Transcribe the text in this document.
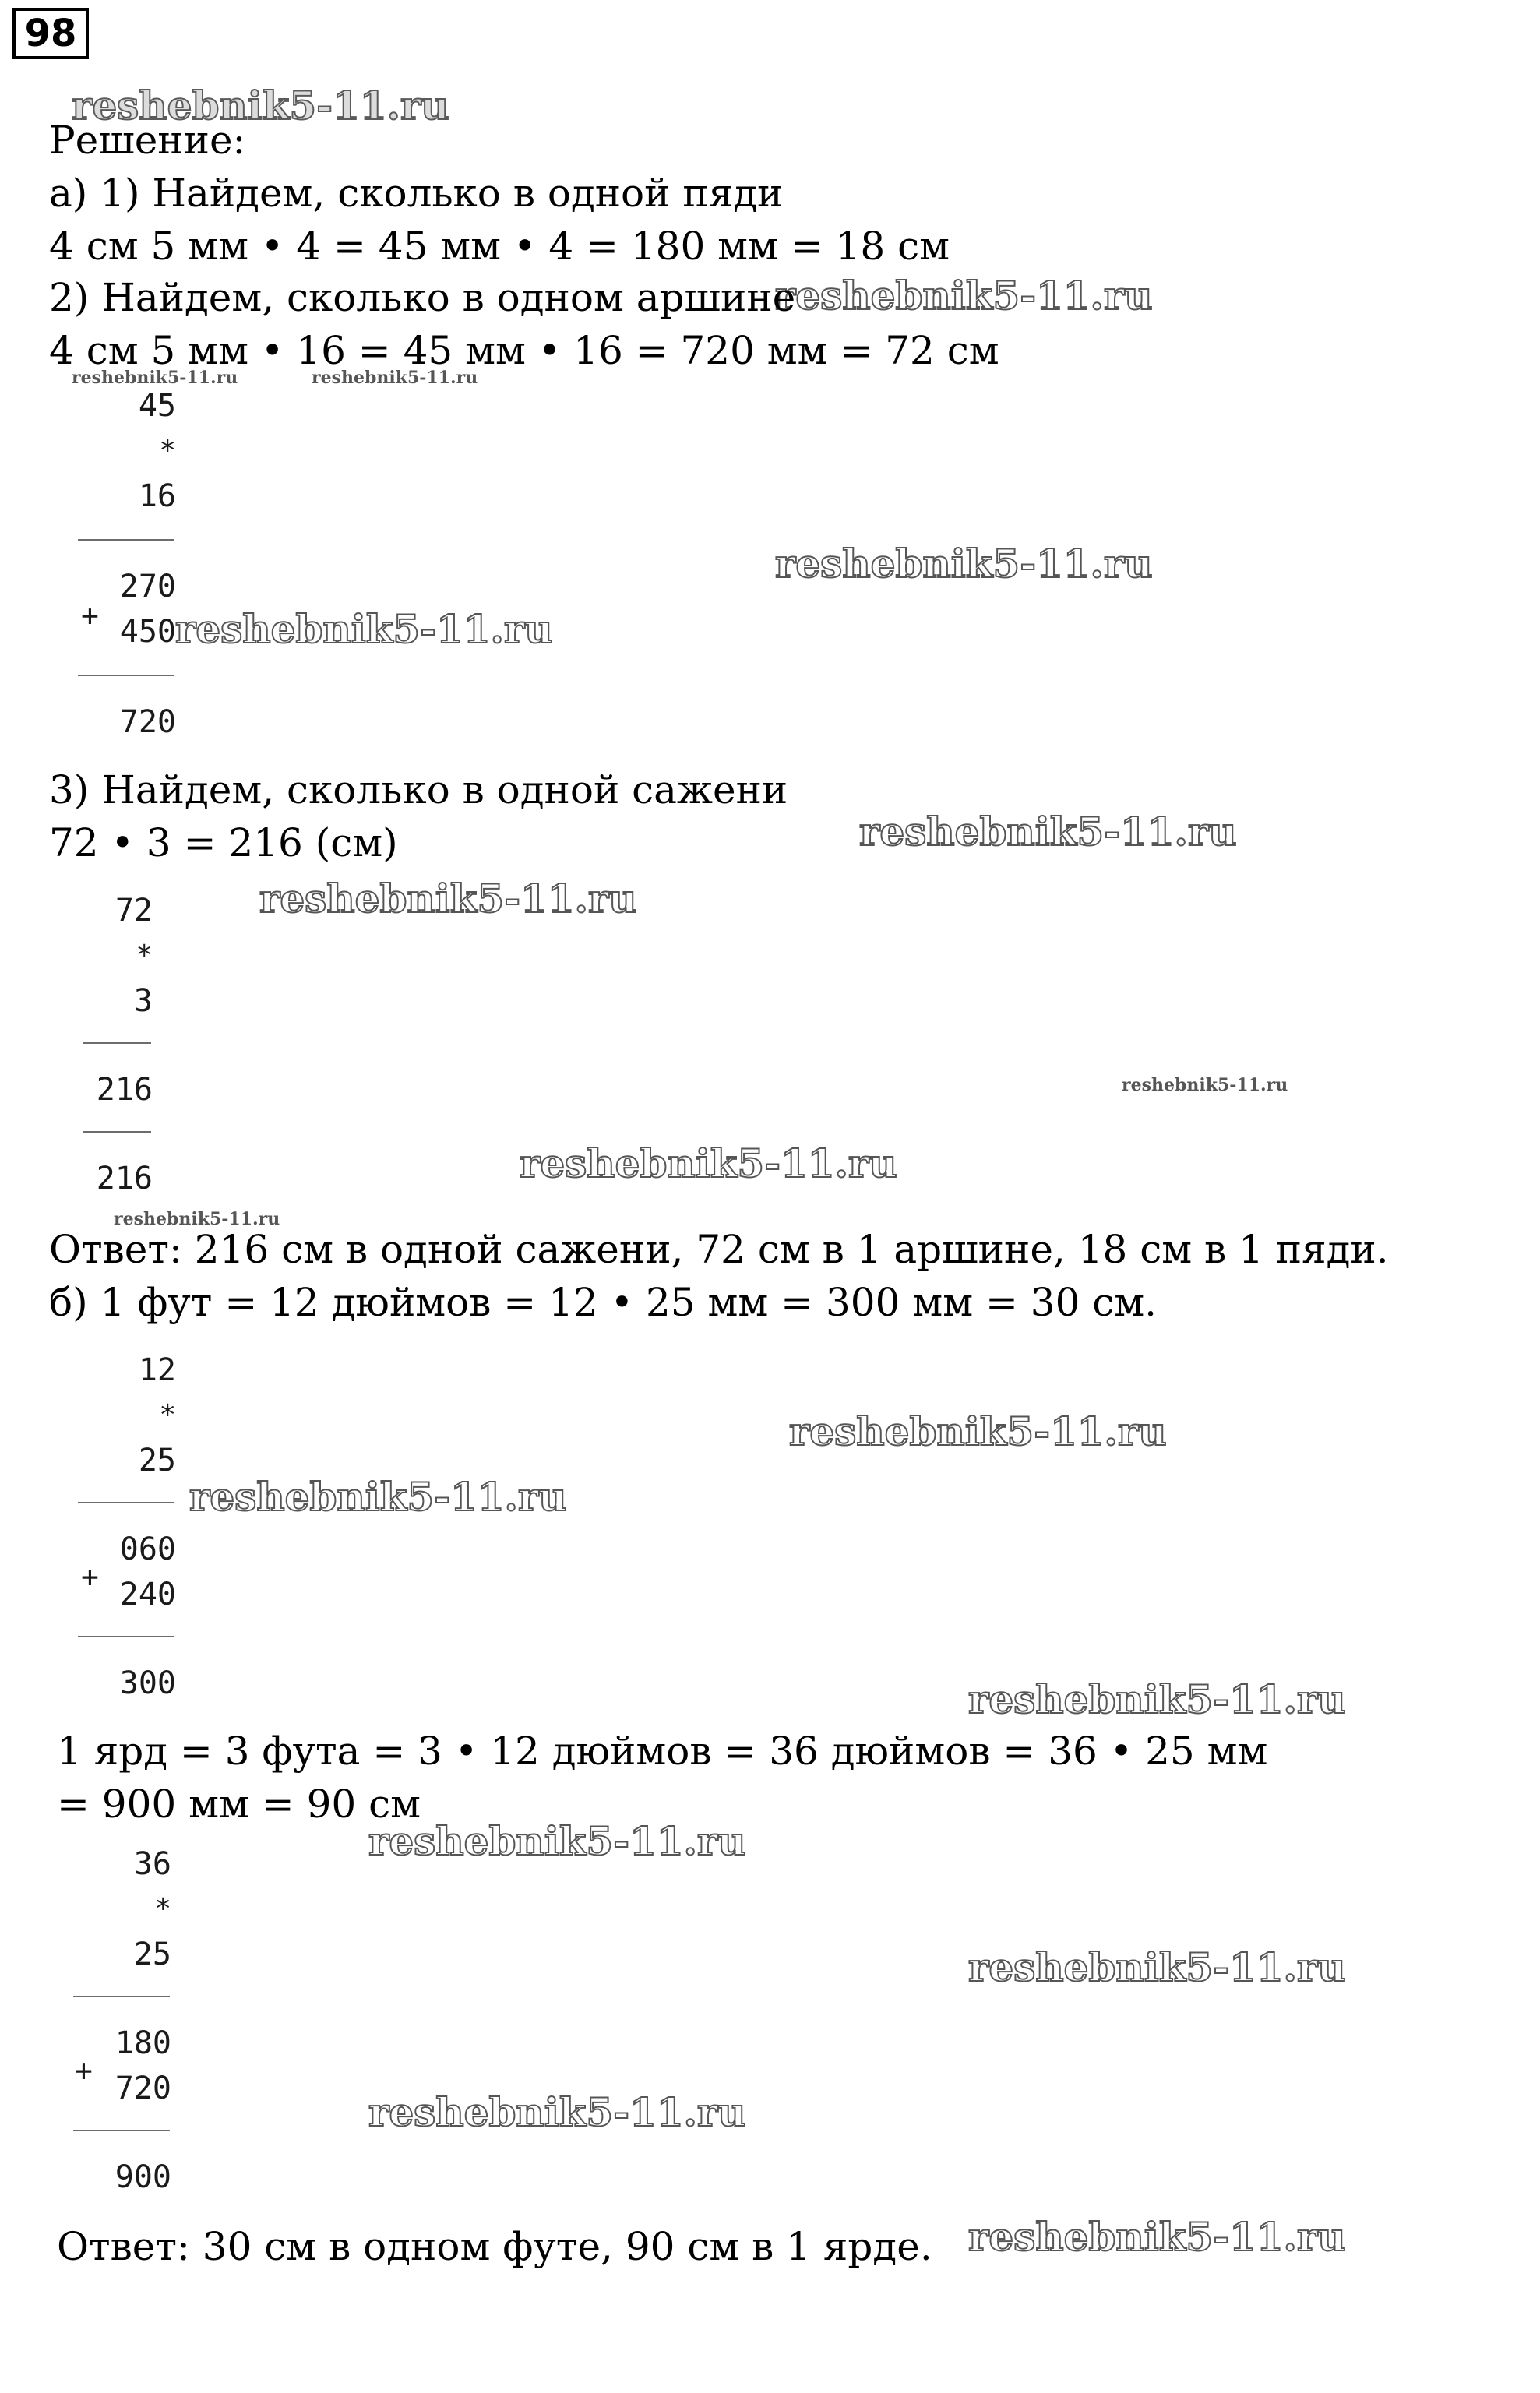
98
reshebnik5-11.ru
reshebnik5-11.ru
reshebnik5-11.ru	reshebnik5-11.ru
reshebnik5-11.ru
reshebnik5-11.ru
reshebnik5-11.ru
reshebnik5-11.ru
reshebnik5-11.ru
reshebnik5-11.ru
reshebnik5-11.ru
reshebnik5-11.ru
reshebnik5-11.ru
reshebnik5-11.ru
reshebnik5-11.ru
reshebnik5-11.ru
reshebnik5-11.ru
reshebnik5-11.ru
Решение:
а) 1) Найдем, сколько в одной пяди
4 см 5 мм • 4 = 45 мм • 4 = 180 мм = 18 см
2) Найдем, сколько в одном аршине
4 см 5 мм • 16 = 45 мм • 16 = 720 мм = 72 см
45
*
16
270
+ 450
720
3) Найдем, сколько в одной сажени
72 • 3 = 216 (см)
72
*
3
216
216
Ответ: 216 см в одной сажени, 72 см в 1 аршине, 18 см в 1 пяди.
б) 1 фут = 12 дюймов = 12 • 25 мм = 300 мм = 30 см.
12
*
25
060
+ 240
300
1 ярд = 3 фута = 3 • 12 дюймов = 36 дюймов = 36 • 25 мм
= 900 мм = 90 см
36
*
25
180
+ 720
900
Ответ: 30 см в одном футе, 90 см в 1 ярде.
